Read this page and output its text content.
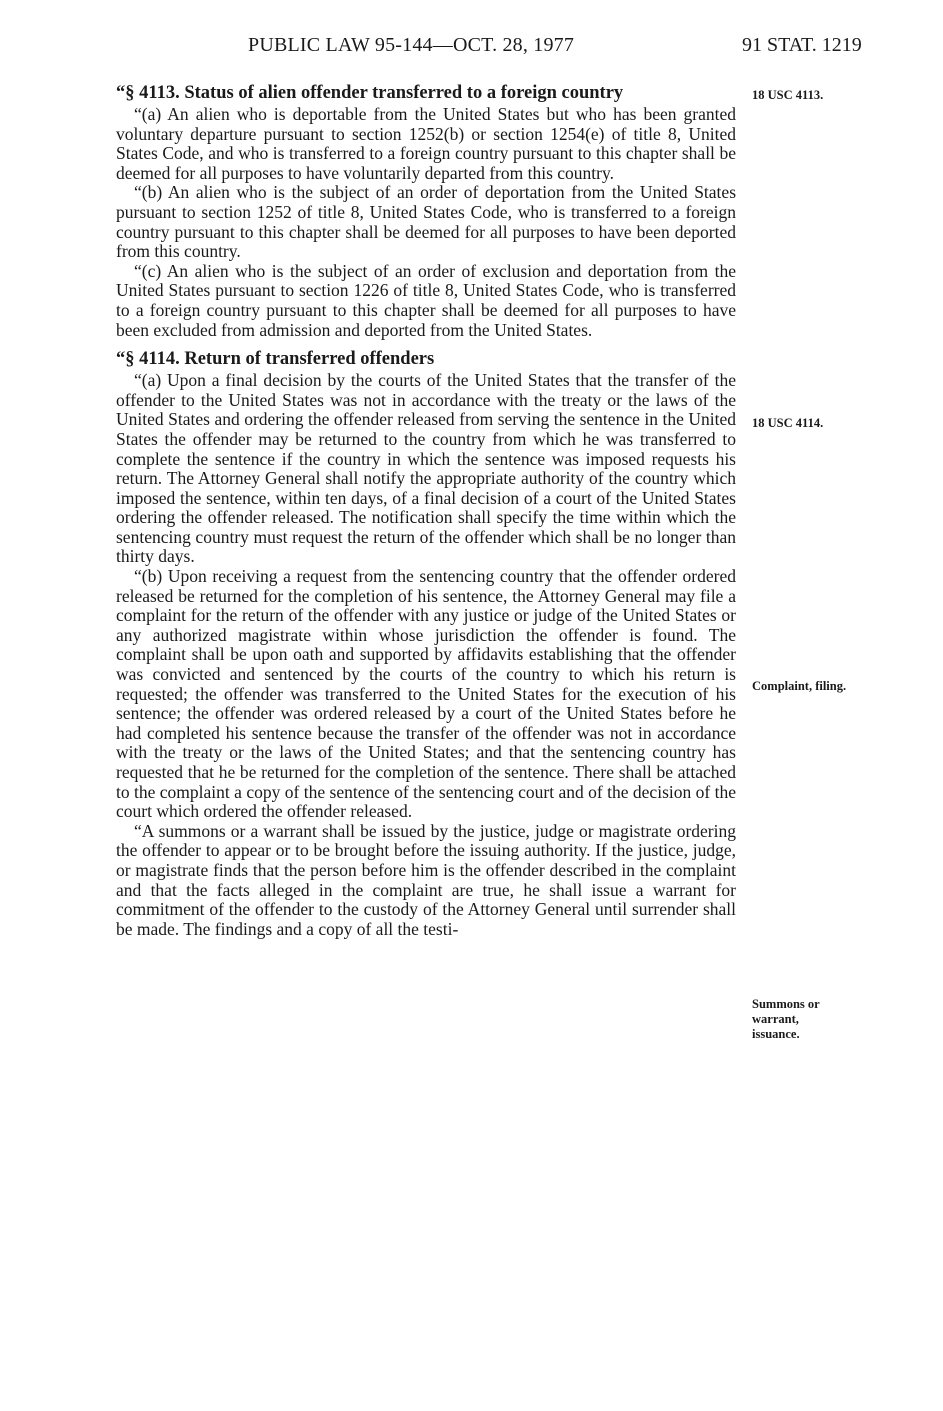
PUBLIC LAW 95-144—OCT. 28, 1977	91 STAT. 1219
“§ 4113. Status of alien offender transferred to a foreign country

“(a) An alien who is deportable from the United States but who has been granted voluntary departure pursuant to section 1252(b) or section 1254(e) of title 8, United States Code, and who is transferred to a foreign country pursuant to this chapter shall be deemed for all purposes to have voluntarily departed from this country.

“(b) An alien who is the subject of an order of deportation from the United States pursuant to section 1252 of title 8, United States Code, who is transferred to a foreign country pursuant to this chapter shall be deemed for all purposes to have been deported from this country.

“(c) An alien who is the subject of an order of exclusion and deportation from the United States pursuant to section 1226 of title 8, United States Code, who is transferred to a foreign country pursuant to this chapter shall be deemed for all purposes to have been excluded from admission and deported from the United States.

“§ 4114. Return of transferred offenders

“(a) Upon a final decision by the courts of the United States that the transfer of the offender to the United States was not in accordance with the treaty or the laws of the United States and ordering the offender released from serving the sentence in the United States the offender may be returned to the country from which he was transferred to complete the sentence if the country in which the sentence was imposed requests his return. The Attorney General shall notify the appropriate authority of the country which imposed the sentence, within ten days, of a final decision of a court of the United States ordering the offender released. The notification shall specify the time within which the sentencing country must request the return of the offender which shall be no longer than thirty days.

“(b) Upon receiving a request from the sentencing country that the offender ordered released be returned for the completion of his sentence, the Attorney General may file a complaint for the return of the offender with any justice or judge of the United States or any authorized magistrate within whose jurisdiction the offender is found. The complaint shall be upon oath and supported by affidavits establishing that the offender was convicted and sentenced by the courts of the country to which his return is requested; the offender was transferred to the United States for the execution of his sentence; the offender was ordered released by a court of the United States before he had completed his sentence because the transfer of the offender was not in accordance with the treaty or the laws of the United States; and that the sentencing country has requested that he be returned for the completion of the sentence. There shall be attached to the complaint a copy of the sentence of the sentencing court and of the decision of the court which ordered the offender released.

“A summons or a warrant shall be issued by the justice, judge or magistrate ordering the offender to appear or to be brought before the issuing authority. If the justice, judge, or magistrate finds that the person before him is the offender described in the complaint and that the facts alleged in the complaint are true, he shall issue a warrant for commitment of the offender to the custody of the Attorney General until surrender shall be made. The findings and a copy of all the testi-

18 USC 4113.
18 USC 4114.
Complaint, filing.
Summons or
warrant,
issuance.
